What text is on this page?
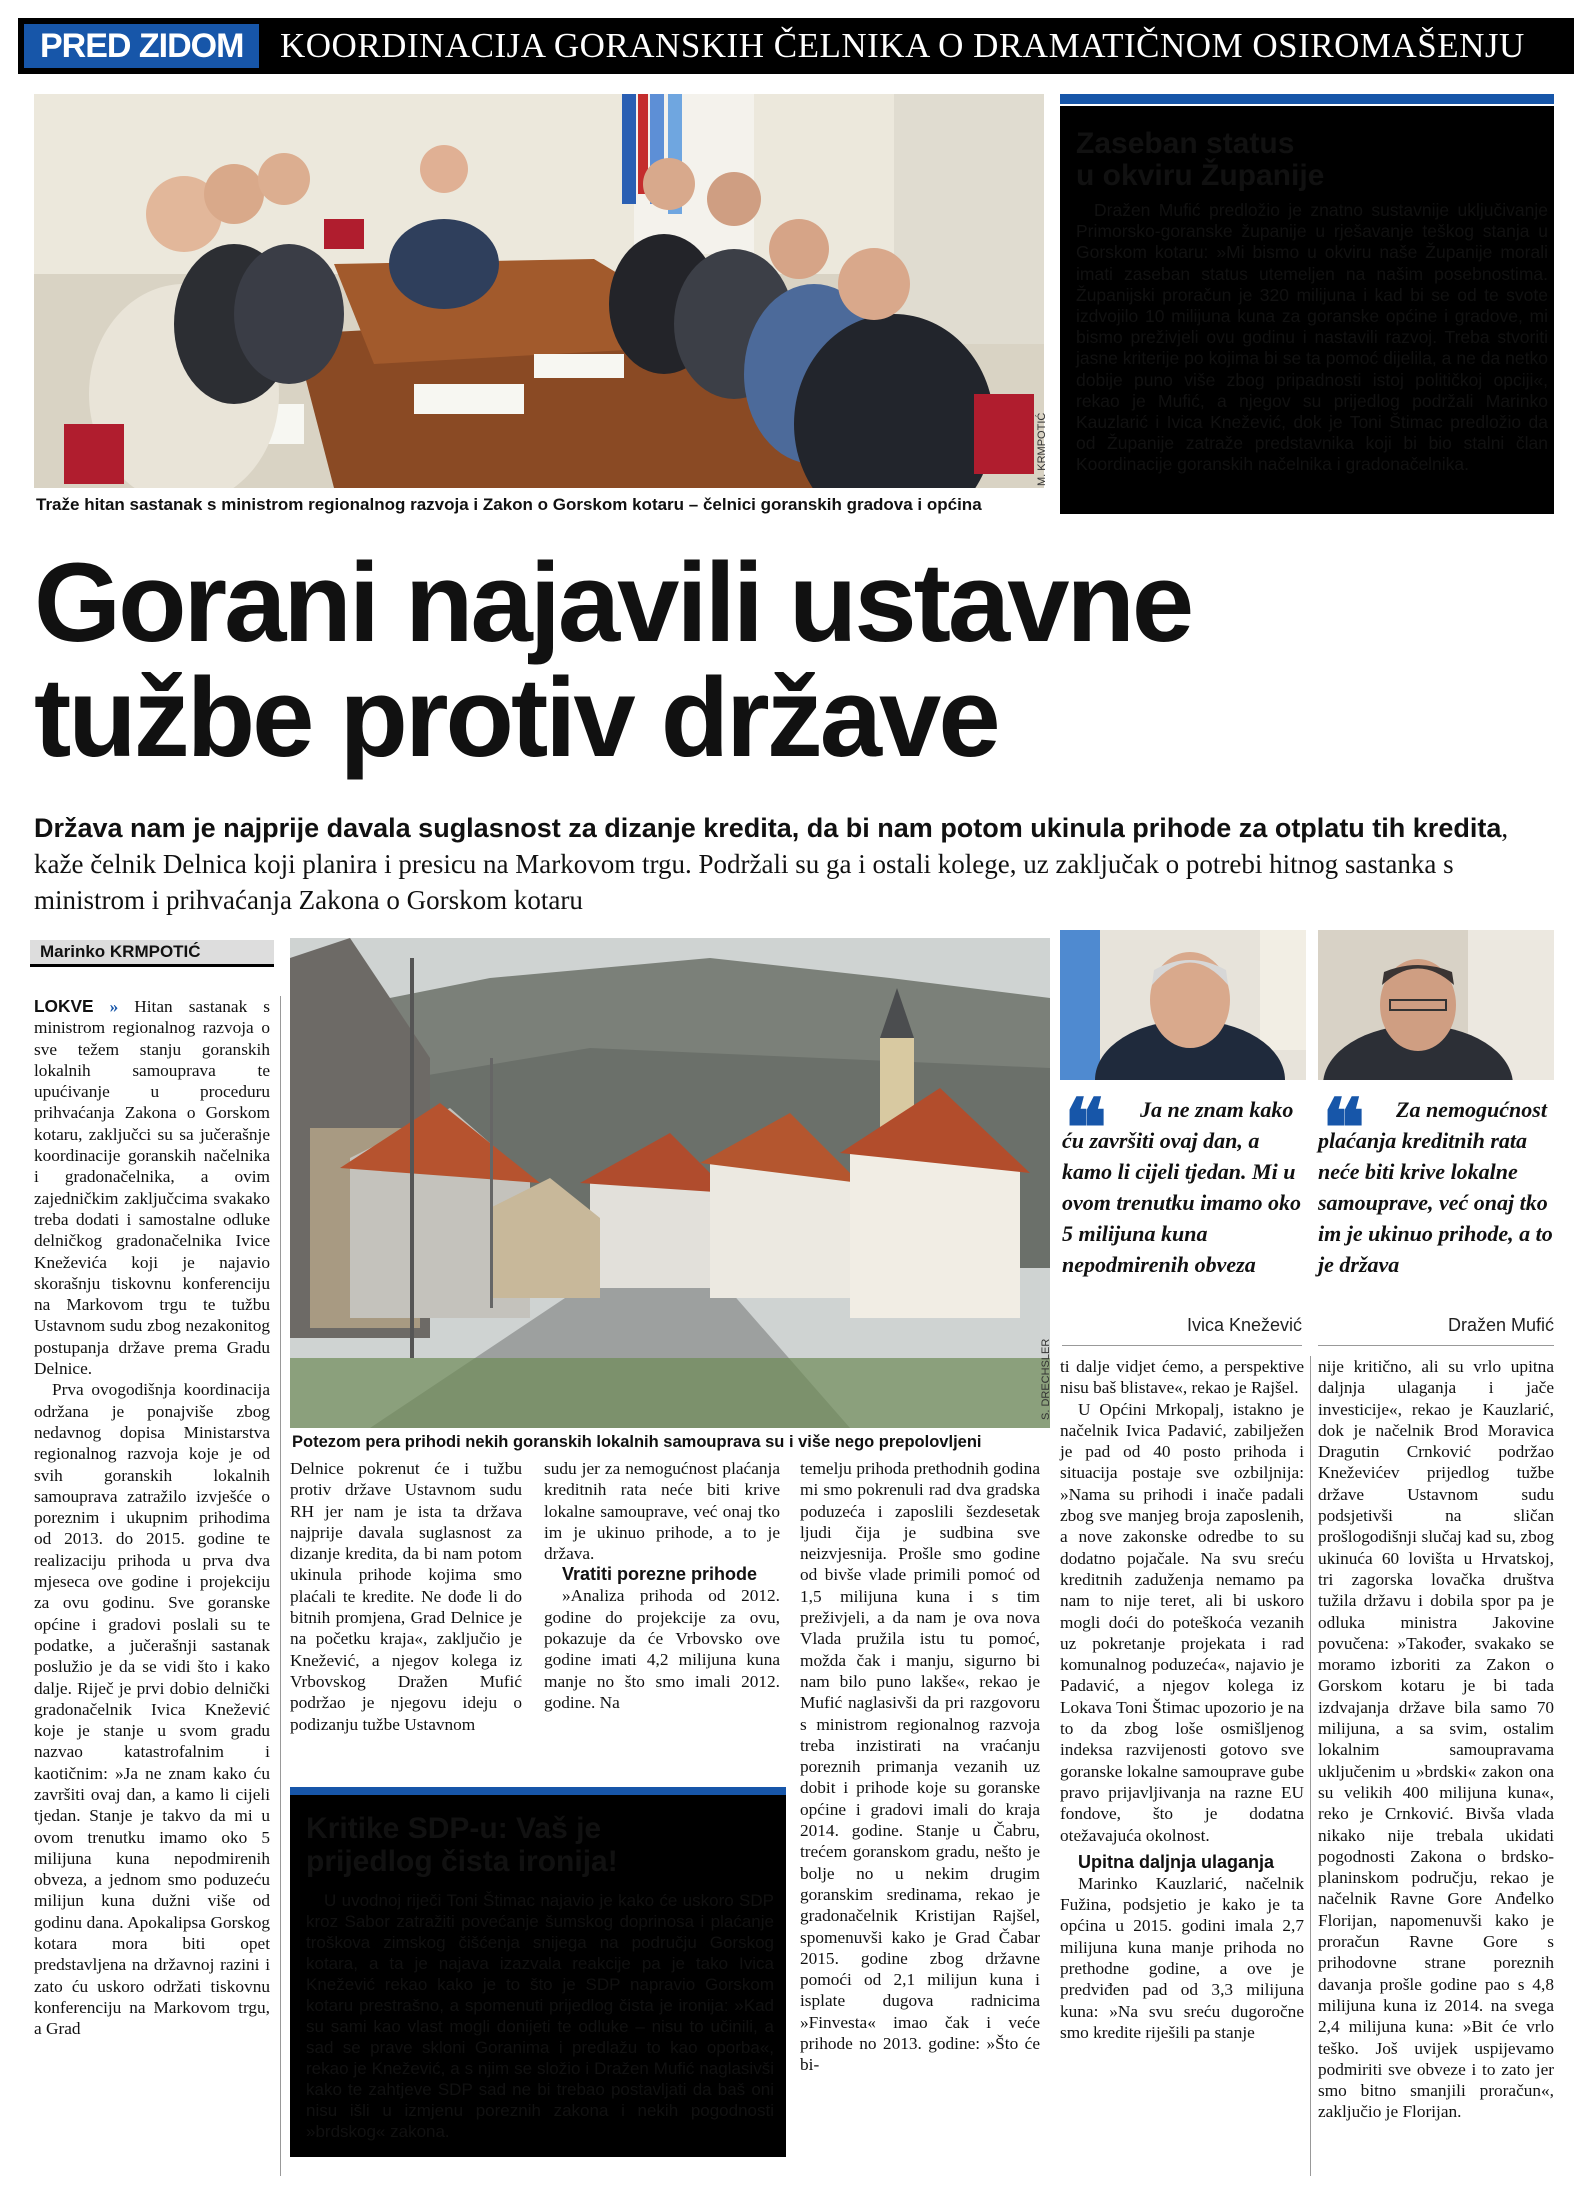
PRED ZIDOM	KOORDINACIJA GORANSKIH ČELNIKA O DRAMATIČNOM OSIROMAŠENJU
M. KRMPOTIĆ
Traže hitan sastanak s ministrom regionalnog razvoja i Zakon o Gorskom kotaru – čelnici goranskih gradova i općina
Zaseban status
u okviru Županije
Dražen Mufić predložio je znatno sustavnije uključivanje Primorsko-goranske županije u rješavanje teškog stanja u Gorskom kotaru: »Mi bismo u okviru naše Županije morali imati zaseban status utemeljen na našim posebnostima. Županijski proračun je 320 milijuna i kad bi se od te svote izdvojilo 10 milijuna kuna za goranske općine i gradove, mi bismo preživjeli ovu godinu i nastavili razvoj. Treba stvoriti jasne kriterije po kojima bi se ta pomoć dijelila, a ne da netko dobije puno više zbog pripadnosti istoj političkoj opciji«, rekao je Mufić, a njegov su prijedlog podržali Marinko Kauzlarić i Ivica Knežević, dok je Toni Štimac predložio da od Županije zatraže predstavnika koji bi bio stalni član Koordinacije goranskih načelnika i gradonačelnika.
Gorani najavili ustavne
tužbe protiv države
Država nam je najprije davala suglasnost za dizanje kredita, da bi nam potom ukinula prihode za otplatu tih kredita, kaže čelnik Delnica koji planira i presicu na Markovom trgu. Podržali su ga i ostali kolege, uz zaključak o potrebi hitnog sastanka s ministrom i prihvaćanja Zakona o Gorskom kotaru
Marinko KRMPOTIĆ
S. DRECHSLER
Potezom pera prihodi nekih goranskih lokalnih samouprava su i više nego prepolovljeni
❝	Ja ne znam kako ću završiti ovaj dan, a kamo li cijeli tjedan. Mi u ovom trenutku imamo oko 5 milijuna kuna nepodmirenih obveza
Ivica Knežević
❝	Za nemogućnost plaćanja kreditnih rata neće biti krive lokalne samouprave, već onaj tko im je ukinuo prihode, a to je država
Dražen Mufić

LOKVE » Hitan sastanak s ministrom regionalnog razvoja o sve težem stanju goranskih lokalnih samouprava te upućivanje u proceduru prihvaćanja Zakona o Gorskom kotaru, zaključci su sa jučerašnje koordinacije goranskih načelnika i gradonačelnika, a ovim zajedničkim zaključcima svakako treba dodati i samostalne odluke delničkog gradonačelnika Ivice Kneževića koji je najavio skorašnju tiskovnu konferenciju na Markovom trgu te tužbu Ustavnom sudu zbog nezakonitog postupanja države prema Gradu Delnice.

Prva ovogodišnja koordinacija održana je ponajviše zbog nedavnog dopisa Ministarstva regionalnog razvoja koje je od svih goranskih lokalnih samouprava zatražilo izvješće o poreznim i ukupnim prihodima od 2013. do 2015. godine te realizaciju prihoda u prva dva mjeseca ove godine i projekciju za ovu godinu. Sve goranske općine i gradovi poslali su te podatke, a jučerašnji sastanak poslužio je da se vidi što i kako dalje. Riječ je prvi dobio delnički gradonačelnik Ivica Knežević koje je stanje u svom gradu nazvao katastrofalnim i kaotičnim: »Ja ne znam kako ću završiti ovaj dan, a kamo li cijeli tjedan. Stanje je takvo da mi u ovom trenutku imamo oko 5 milijuna kuna nepodmirenih obveza, a jednom smo poduzeću milijun kuna dužni više od godinu dana. Apokalipsa Gorskog kotara mora biti opet predstavljena na državnoj razini i zato ću uskoro održati tiskovnu konferenciju na Markovom trgu, a Grad

Delnice pokrenut će i tužbu protiv države Ustavnom sudu RH jer nam je ista ta država najprije davala suglasnost za dizanje kredita, da bi nam potom ukinula prihode kojima smo plaćali te kredite. Ne dođe li do bitnih promjena, Grad Delnice je na početku kraja«, zaključio je Knežević, a njegov kolega iz Vrbovskog Dražen Mufić podržao je njegovu ideju o podizanju tužbe Ustavnom

sudu jer za nemogućnost plaćanja kreditnih rata neće biti krive lokalne samouprave, već onaj tko im je ukinuo prihode, a to je država.

Vratiti porezne prihode

»Analiza prihoda od 2012. godine do projekcije za ovu, pokazuje da će Vrbovsko ove godine imati 4,2 milijuna kuna manje no što smo imali 2012. godine. Na

temelju prihoda prethodnih godina mi smo pokrenuli rad dva gradska poduzeća i zaposlili šezdesetak ljudi čija je sudbina sve neizvjesnija. Prošle smo godine od bivše vlade primili pomoć od 1,5 milijuna kuna i s tim preživjeli, a da nam je ova nova Vlada pružila istu tu pomoć, možda čak i manju, sigurno bi nam bilo puno lakše«, rekao je Mufić naglasivši da pri razgovoru s ministrom regionalnog razvoja treba inzistirati na vraćanju poreznih primanja vezanih uz dobit i prihode koje su goranske općine i gradovi imali do kraja 2014. godine. Stanje u Čabru, trećem goranskom gradu, nešto je bolje no u nekim drugim goranskim sredinama, rekao je gradonačelnik Kristijan Rajšel, spomenuvši kako je Grad Čabar 2015. godine zbog državne pomoći od 2,1 milijun kuna i isplate dugova radnicima »Finvesta« imao čak i veće prihode no 2013. godine: »Što će bi-

ti dalje vidjet ćemo, a perspektive nisu baš blistave«, rekao je Rajšel.

U Općini Mrkopalj, istakno je načelnik Ivica Padavić, zabilježen je pad od 40 posto prihoda i situacija postaje sve ozbiljnija: »Nama su prihodi i inače padali zbog sve manjeg broja zaposlenih, a nove zakonske odredbe to su dodatno pojačale. Na svu sreću kreditnih zaduženja nemamo pa nam to nije teret, ali bi uskoro mogli doći do poteškoća vezanih uz pokretanje projekata i rad komunalnog poduzeća«, najavio je Padavić, a njegov kolega iz Lokava Toni Štimac upozorio je na to da zbog loše osmišljenog indeksa razvijenosti gotovo sve goranske lokalne samouprave gube pravo prijavljivanja na razne EU fondove, što je dodatna otežavajuća okolnost.

Upitna daljnja ulaganja

Marinko Kauzlarić, načelnik Fužina, podsjetio je kako je ta općina u 2015. godini imala 2,7 milijuna kuna manje prihoda no prethodne godine, a ove je predviđen pad od 3,3 milijuna kuna: »Na svu sreću dugoročne smo kredite riješili pa stanje

nije kritično, ali su vrlo upitna daljnja ulaganja i jače investicije«, rekao je Kauzlarić, dok je načelnik Brod Moravica Dragutin Crnković podržao Kneževićev prijedlog tužbe državе Ustavnom sudu podsjetivši na sličan prošlogodišnji slučaj kad su, zbog ukinuća 60 lovišta u Hrvatskoj, tri zagorska lovačka društva tužila državu i dobila spor pa je odluka ministra Jakovine povučena: »Također, svakako se moramo izboriti za Zakon o Gorskom kotaru je bi tada izdvajanja države bila samo 70 milijuna, a sa svim, ostalim lokalnim samoupravama uključenim u »brdski« zakon ona su velikih 400 milijuna kuna«, reko je Crnković. Bivša vlada nikako nije trebala ukidati pogodnosti Zakona o brdsko-planinskom području, rekao je načelnik Ravne Gore Anđelko Florijan, napomenuvši kako je proračun Ravne Gore s prihodovne strane poreznih davanja prošle godine pao s 4,8 milijuna kuna iz 2014. na svega 2,4 milijuna kuna: »Bit će vrlo teško. Još uvijek uspijevamo podmiriti sve obveze i to zato jer smo bitno smanjili proračun«, zaključio je Florijan.

Kritike SDP-u: Vaš je
prijedlog čista ironija!
U uvodnoj riječi Toni Štimac najavio je kako će uskoro SDP kroz Sabor zatražiti povećanje šumskog doprinosa i plaćanje troškova zimskog čišćenja snijega na području Gorskog kotara, a ta je najava izazvala reakcije pa je tako Ivica Knežević rekao kako je to što je SDP napravio Gorskom kotaru prestrašno, a spomenuti prijedlog čista je ironija: »Kad su sami kao vlast mogli donijeti te odluke – nisu to učinili, a sad se prave skloni Goranima i predlažu to kao oporba«, rekao je Knežević, a s njim se složio i Dražen Mufić naglasivši kako te zahtjeve SDP sad ne bi trebao postavljati da baš oni nisu išli u izmjenu poreznih zakona i nekih pogodnosti »brdskog« zakona.
